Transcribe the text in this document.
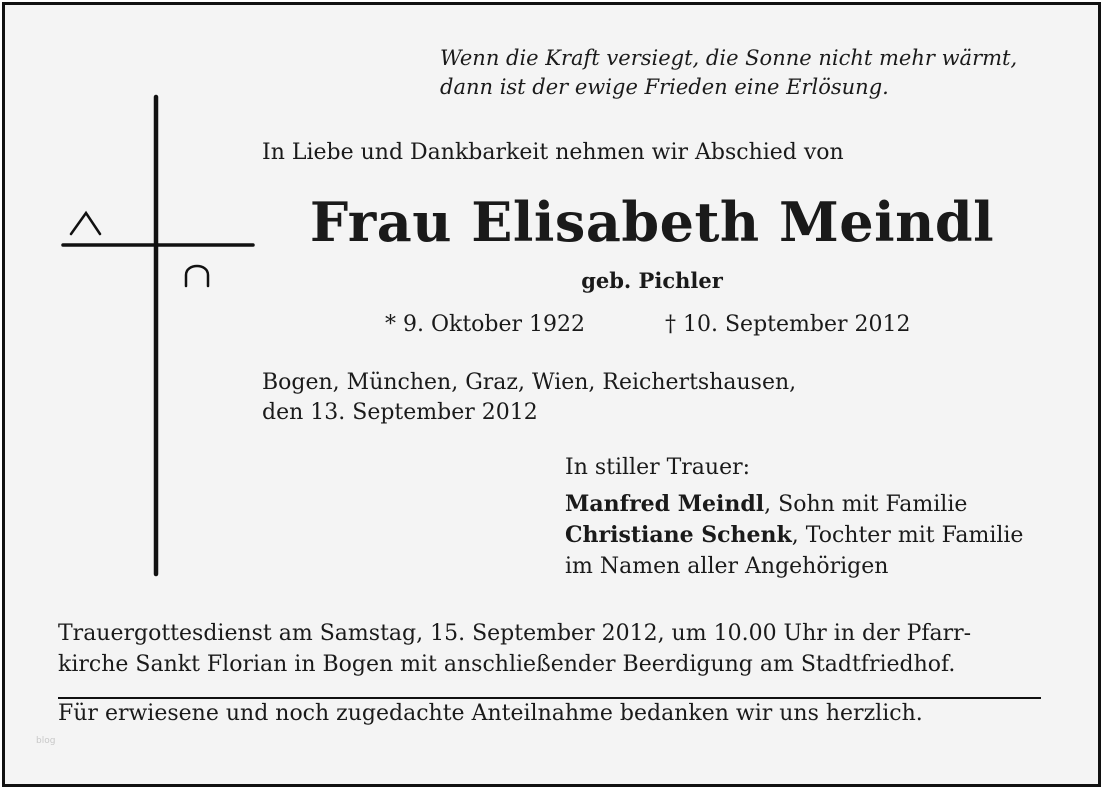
Wenn die Kraft versiegt, die Sonne nicht mehr wärmt,
dann ist der ewige Frieden eine Erlösung.
In Liebe und Dankbarkeit nehmen wir Abschied von
Frau Elisabeth Meindl
geb. Pichler
* 9. Oktober 1922	† 10. September 2012
Bogen, München, Graz, Wien, Reichertshausen,
den 13. September 2012
In stiller Trauer:
Manfred Meindl, Sohn mit Familie
Christiane Schenk, Tochter mit Familie
im Namen aller Angehörigen
Trauergottesdienst am Samstag, 15. September 2012, um 10.00 Uhr in der Pfarr-
kirche Sankt Florian in Bogen mit anschließender Beerdigung am Stadtfriedhof.
Für erwiesene und noch zugedachte Anteilnahme bedanken wir uns herzlich.
blog
